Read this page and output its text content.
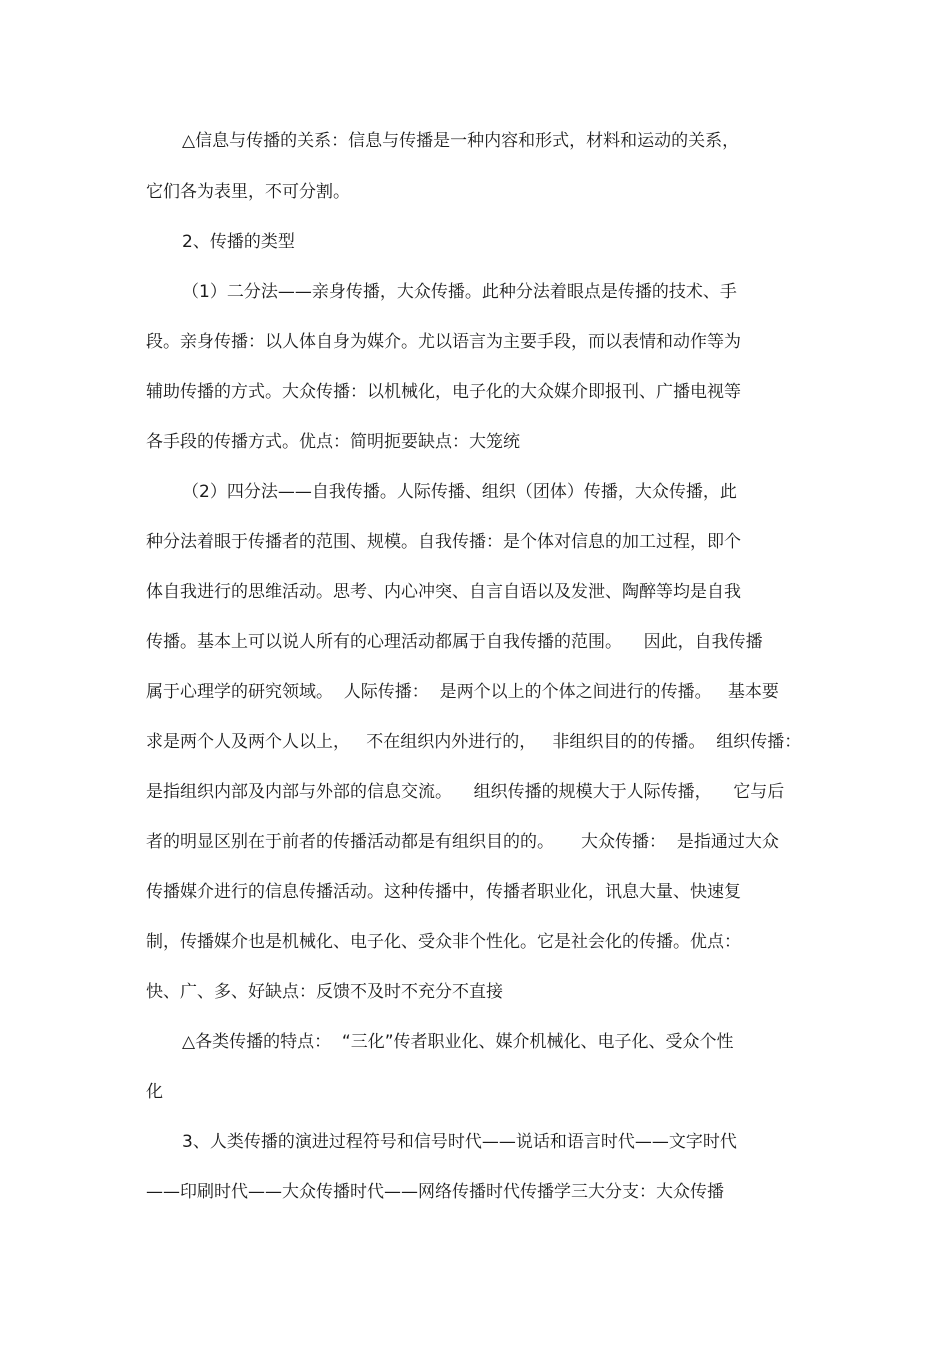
△信息与传播的关系：信息与传播是一种内容和形式，材料和运动的关系，
它们各为表里，不可分割。
2、传播的类型
（1）二分法——亲身传播，大众传播。此种分法着眼点是传播的技术、手
段。亲身传播：以人体自身为媒介。尤以语言为主要手段，而以表情和动作等为
辅助传播的方式。大众传播：以机械化，电子化的大众媒介即报刊、广播电视等
各手段的传播方式。优点：简明扼要缺点：大笼统
（2）四分法——自我传播。人际传播、组织（团体）传播，大众传播，此
种分法着眼于传播者的范围、规模。自我传播：是个体对信息的加工过程，即个
体自我进行的思维活动。思考、内心冲突、自言自语以及发泄、陶醉等均是自我
传播。基本上可以说人所有的心理活动都属于自我传播的范围。    因此，自我传播
属于心理学的研究领域。  人际传播：  是两个以上的个体之间进行的传播。   基本要
求是两个人及两个人以上，   不在组织内外进行的，   非组织目的的传播。  组织传播：
是指组织内部及内部与外部的信息交流。    组织传播的规模大于人际传播，    它与后
者的明显区别在于前者的传播活动都是有组织目的的。     大众传播：  是指通过大众
传播媒介进行的信息传播活动。这种传播中，传播者职业化，讯息大量、快速复
制，传播媒介也是机械化、电子化、受众非个性化。它是社会化的传播。优点：
快、广、多、好缺点：反馈不及时不充分不直接
△各类传播的特点：  “三化”传者职业化、媒介机械化、电子化、受众个性
化
3、人类传播的演进过程符号和信号时代——说话和语言时代——文字时代
——印刷时代——大众传播时代——网络传播时代传播学三大分支：大众传播
